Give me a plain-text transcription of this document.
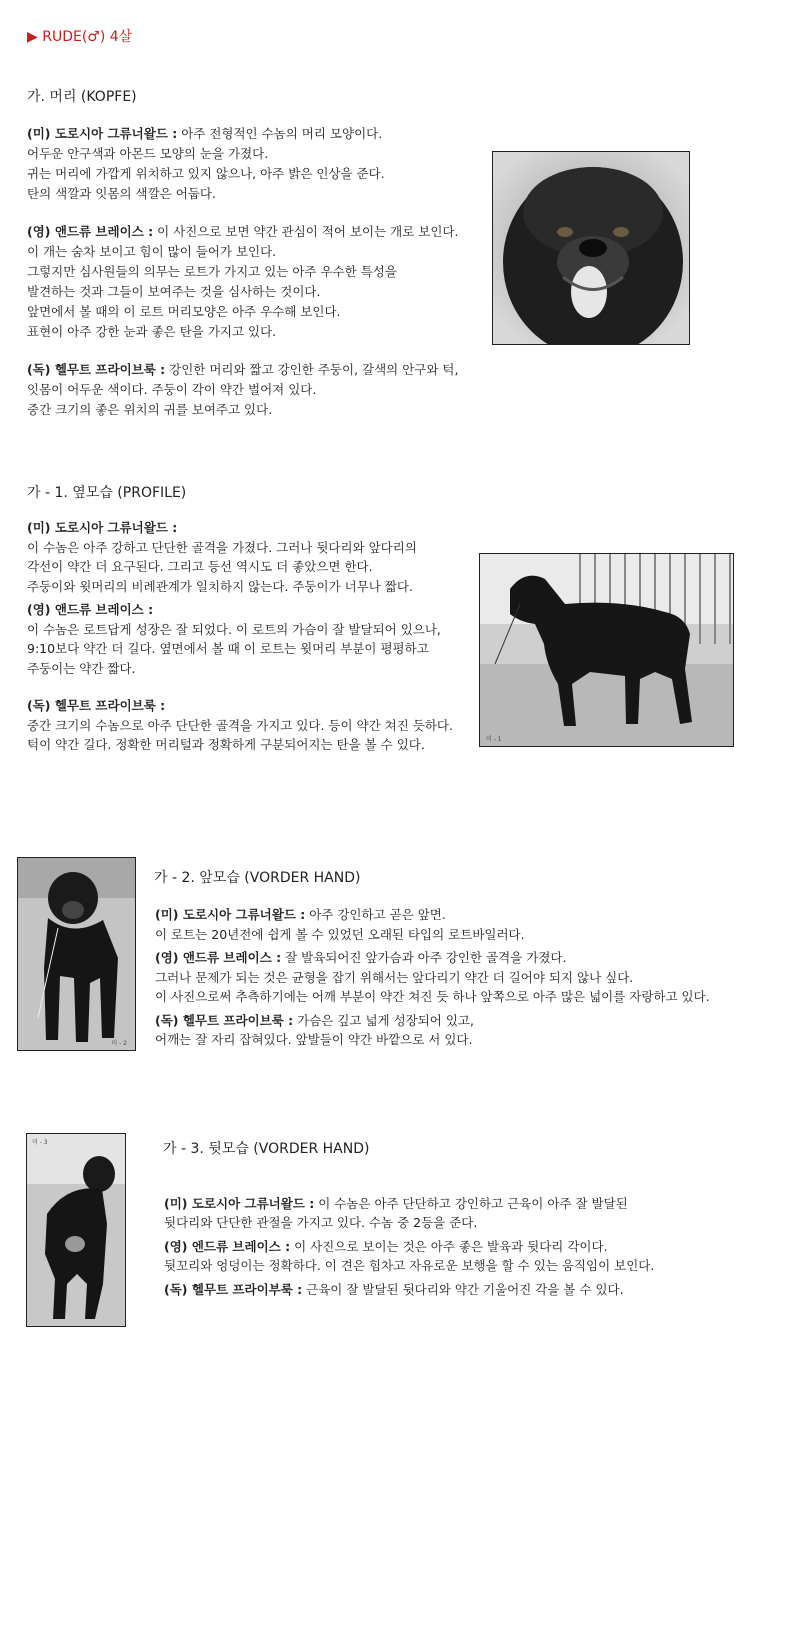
▶ RUDE(♂) 4살
가. 머리 (KOPFE)
(미) 도로시아 그류너왈드 : 아주 전형적인 수놈의 머리 모양이다.
어두운 안구색과 아몬드 모양의 눈을 가졌다.
귀는 머리에 가깝게 위치하고 있지 않으나, 아주 밝은 인상을 준다.
탄의 색깔과 잇몸의 색깔은 어둡다.
(영) 앤드류 브레이스 : 이 사진으로 보면 약간 관심이 적어 보이는 개로 보인다.
이 개는 숨차 보이고 힘이 많이 들어가 보인다.
그렇지만 심사원들의 의무는 로트가 가지고 있는 아주 우수한 특성을
발견하는 것과 그들이 보여주는 것을 심사하는 것이다.
앞면에서 볼 때의 이 로트 머리모양은 아주 우수해 보인다.
표현이 아주 강한 눈과 좋은 탄을 가지고 있다.
(독) 헬무트 프라이브룩 : 강인한 머리와 짧고 강인한 주둥이, 갈색의 안구와 턱,
잇몸이 어두운 색이다. 주둥이 각이 약간 벌어져 있다.
중간 크기의 좋은 위치의 귀를 보여주고 있다.
가 - 1. 옆모습 (PROFILE)
(미) 도로시아 그류너왈드 :
이 수놈은 아주 강하고 단단한 골격을 가졌다. 그러나 뒷다리와 앞다리의
각선이 약간 더 요구된다. 그리고 등선 역시도 더 좋았으면 한다.
주둥이와 윗머리의 비례관계가 일치하지 않는다. 주둥이가 너무나 짧다.
(영) 앤드류 브레이스 :
이 수놈은 로트답게 성장은 잘 되었다. 이 로트의 가슴이 잘 발달되어 있으나,
9:10보다 약간 더 길다. 옆면에서 볼 때 이 로트는 윗머리 부분이 평평하고
주둥이는 약간 짧다.
(독) 헬무트 프라이브룩 :
중간 크기의 수놈으로 아주 단단한 골격을 가지고 있다. 등이 약간 쳐진 듯하다.
턱이 약간 길다. 정확한 머리털과 정확하게 구분되어지는 탄을 볼 수 있다.	미 - 1
미 - 2
가 - 2. 앞모습 (VORDER HAND)
(미) 도로시아 그류너왈드 : 아주 강인하고 곧은 앞면.
이 로트는 20년전에 쉽게 볼 수 있었던 오래된 타입의 로트바일러다.
(영) 앤드류 브레이스 : 잘 발육되어진 앞가슴과 아주 강인한 골격을 가졌다.
그러나 문제가 되는 것은 균형을 잡기 위해서는 앞다리기 약간 더 길어야 되지 않나 싶다.
이 사진으로써 추측하기에는 어깨 부분이 약간 쳐진 듯 하나 앞쪽으로 아주 많은 넓이를 자랑하고 있다.
(독) 헬무트 프라이브룩 : 가슴은 깊고 넓게 성장되어 있고,
어깨는 잘 자리 잡혀있다. 앞발들이 약간 바깥으로 서 있다.
미 - 3	가 - 3. 뒷모습 (VORDER HAND)
(미) 도로시아 그류너왈드 : 이 수놈은 아주 단단하고 강인하고 근육이 아주 잘 발달된
뒷다리와 단단한 관절을 가지고 있다. 수놈 중 2등을 준다.
(영) 엔드류 브레이스 : 이 사진으로 보이는 것은 아주 좋은 발육과 뒷다리 각이다.
뒷꼬리와 엉덩이는 정확하다. 이 견은 힘차고 자유로운 보행을 할 수 있는 움직임이 보인다.
(독) 헬무트 프라이부룩 : 근육이 잘 발달된 뒷다리와 약간 기울어진 각을 볼 수 있다.
